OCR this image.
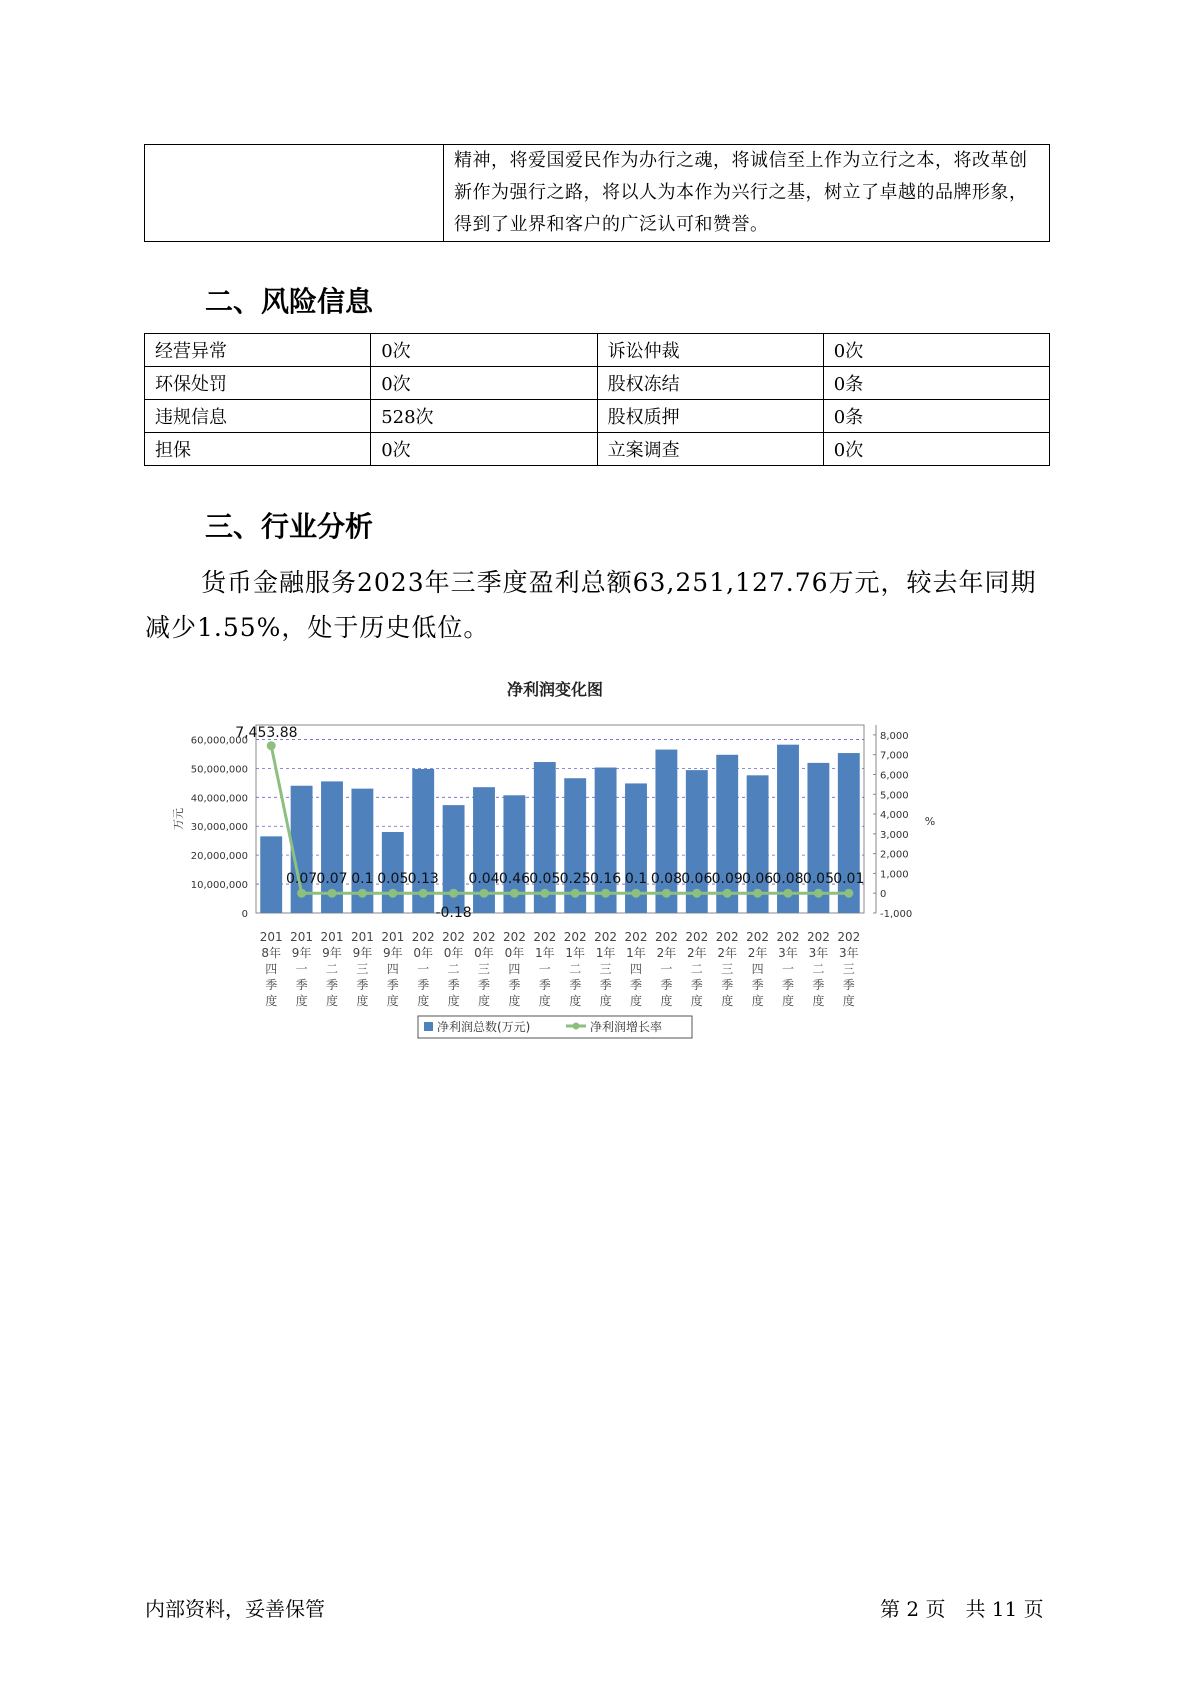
	精神，将爱国爱民作为办行之魂，将诚信至上作为立行之本，将改革创新作为强行之路，将以人为本作为兴行之基，树立了卓越的品牌形象，得到了业界和客户的广泛认可和赞誉。
二、风险信息
经营异常	0次	诉讼仲裁	0次
环保处罚	0次	股权冻结	0条
违规信息	528次	股权质押	0条
担保	0次	立案调查	0次
三、行业分析
货币金融服务2023年三季度盈利总额63,251,127.76万元，较去年同期减少1.55%，处于历史低位。
净利润变化图
0
10,000,000
20,000,000
30,000,000
40,000,000
50,000,000
60,000,000
万元
-1,000
0
1,000
2,000
3,000
4,000
5,000
6,000
7,000
8,000
%
201
8年
四
季
度
201
9年
一
季
度
201
9年
二
季
度
201
9年
三
季
度
201
9年
四
季
度
202
0年
一
季
度
202
0年
二
季
度
202
0年
三
季
度
202
0年
四
季
度
202
1年
一
季
度
202
1年
二
季
度
202
1年
三
季
度
202
1年
四
季
度
202
2年
一
季
度
202
2年
二
季
度
202
2年
三
季
度
202
2年
四
季
度
202
3年
一
季
度
202
3年
二
季
度
202
3年
三
季
度
7,453.88
0.07 0.07 0.1 0.05 0.13
-0.18
0.04 0.46 0.05 0.25 0.16 0.1 0.08 0.06 0.09 0.06 0.08 0.05 0.01
净利润总数(万元)	净利润增长率
内部资料，妥善保管	第 2 页　共 11 页
